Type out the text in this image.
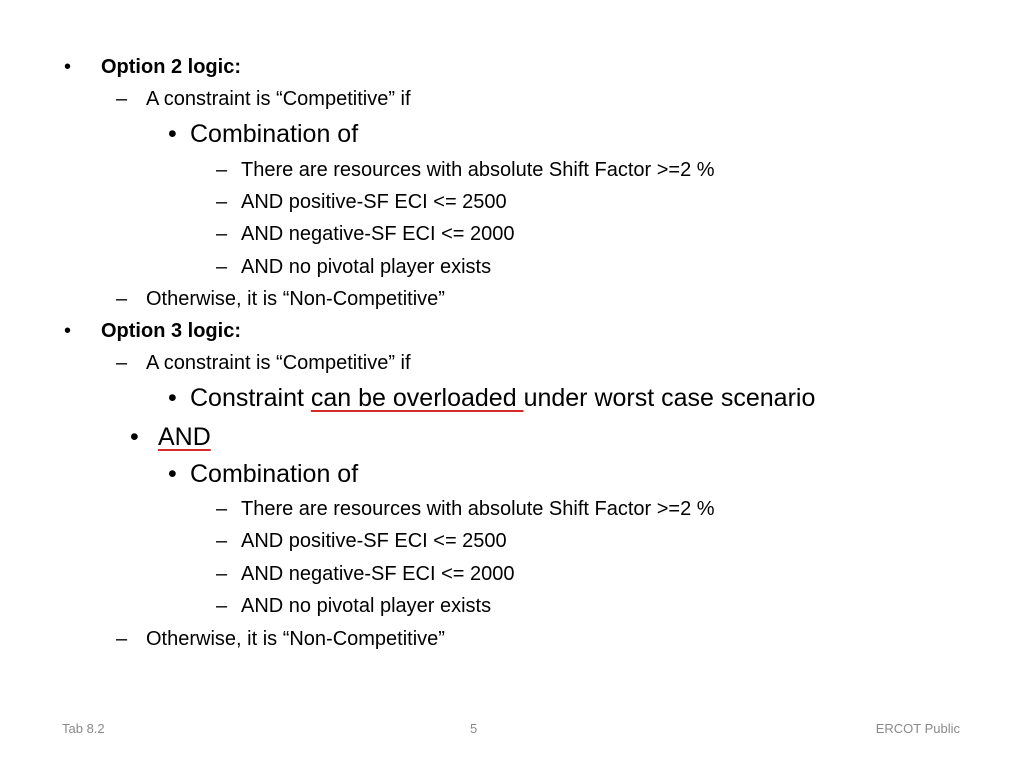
• Option 2 logic:
– A constraint is “Competitive” if
• Combination of
– There are resources with absolute Shift Factor >=2 %
– AND positive-SF ECI <= 2500
– AND negative-SF ECI <= 2000
– AND no pivotal player exists
– Otherwise, it is “Non-Competitive”
• Option 3 logic:
– A constraint is “Competitive” if
• Constraint can be overloaded under worst case scenario
• AND
• Combination of
– There are resources with absolute Shift Factor >=2 %
– AND positive-SF ECI <= 2500
– AND negative-SF ECI <= 2000
– AND no pivotal player exists
– Otherwise, it is “Non-Competitive”
Tab 8.2	5	ERCOT Public
